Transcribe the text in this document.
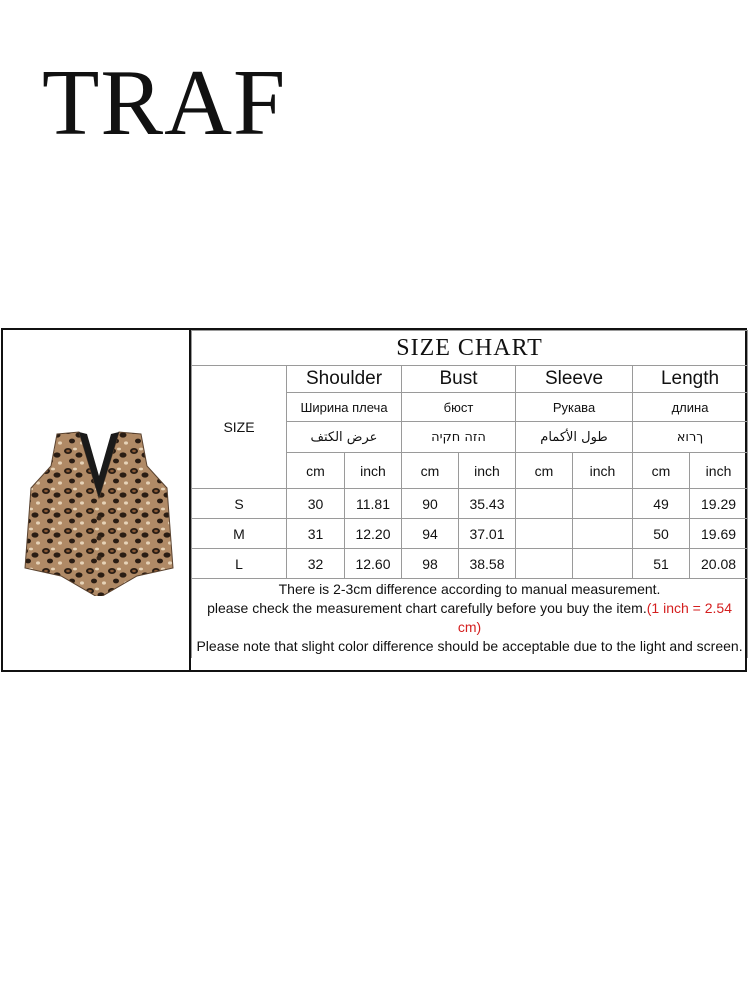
TRAF
SIZE CHART								
SIZE	Shoulder		Bust		Sleeve		Length	
	Ширина плеча		бюст		Рукава		длина	
	عرض الكتف		הזה חקיה		طول الأكمام		ךרוא	
	cm	inch	cm	inch	cm	inch	cm	inch
S	30	11.81	90	35.43			49	19.29
M	31	12.20	94	37.01			50	19.69
L	32	12.60	98	38.58			51	20.08

There is 2-3cm difference according to manual measurement.
please check the measurement chart carefully before you buy the item.(1 inch = 2.54 cm)
Please note that slight color difference should be acceptable due to the light and screen.								
